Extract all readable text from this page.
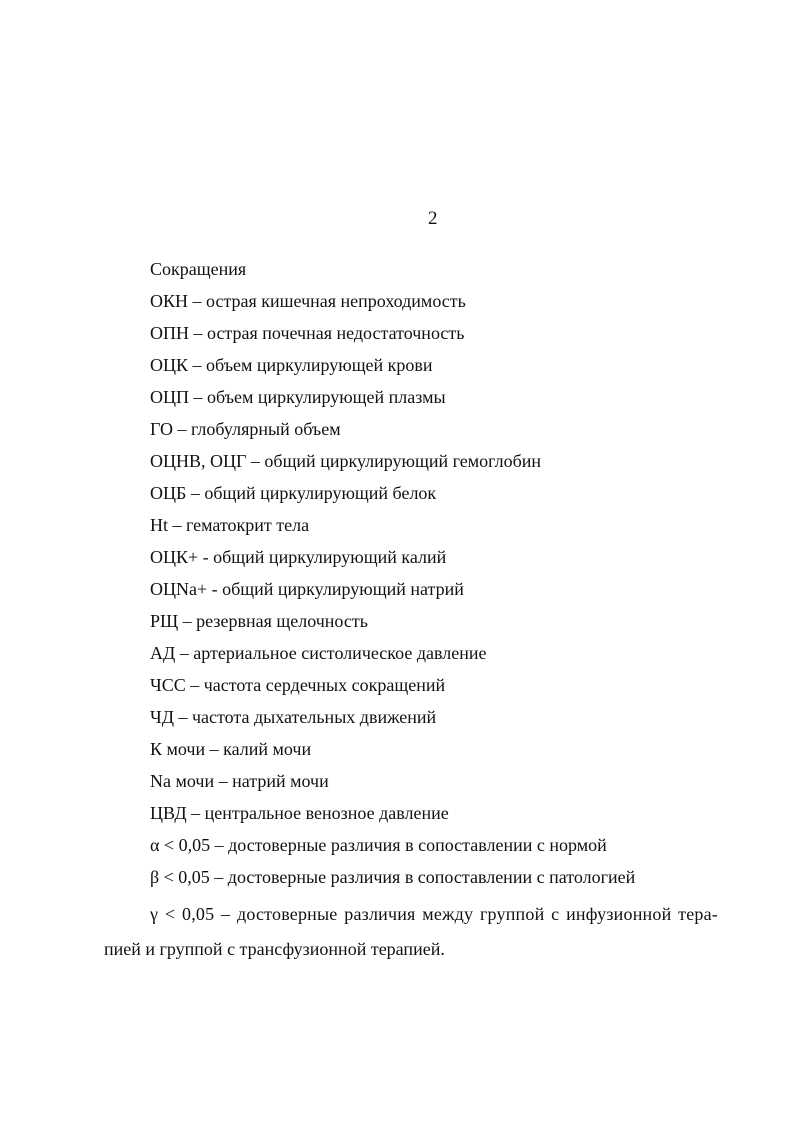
2
Сокращения
ОКН – острая кишечная непроходимость
ОПН – острая почечная недостаточность
ОЦК – объем циркулирующей крови
ОЦП – объем циркулирующей плазмы
ГО – глобулярный объем
ОЦНВ, ОЦГ – общий циркулирующий гемоглобин
ОЦБ – общий циркулирующий белок
Ht – гематокрит тела
ОЦК+ - общий циркулирующий калий
ОЦNa+ - общий циркулирующий натрий
РЩ – резервная щелочность
АД – артериальное систолическое давление
ЧСС – частота сердечных сокращений
ЧД – частота дыхательных движений
К мочи – калий мочи
Na мочи – натрий мочи
ЦВД – центральное венозное давление
α < 0,05 – достоверные различия в сопоставлении с нормой
β < 0,05 – достоверные различия в сопоставлении с патологией

γ < 0,05 – достоверные различия между группой с инфузионной тера-

пией и группой с трансфузионной терапией.
